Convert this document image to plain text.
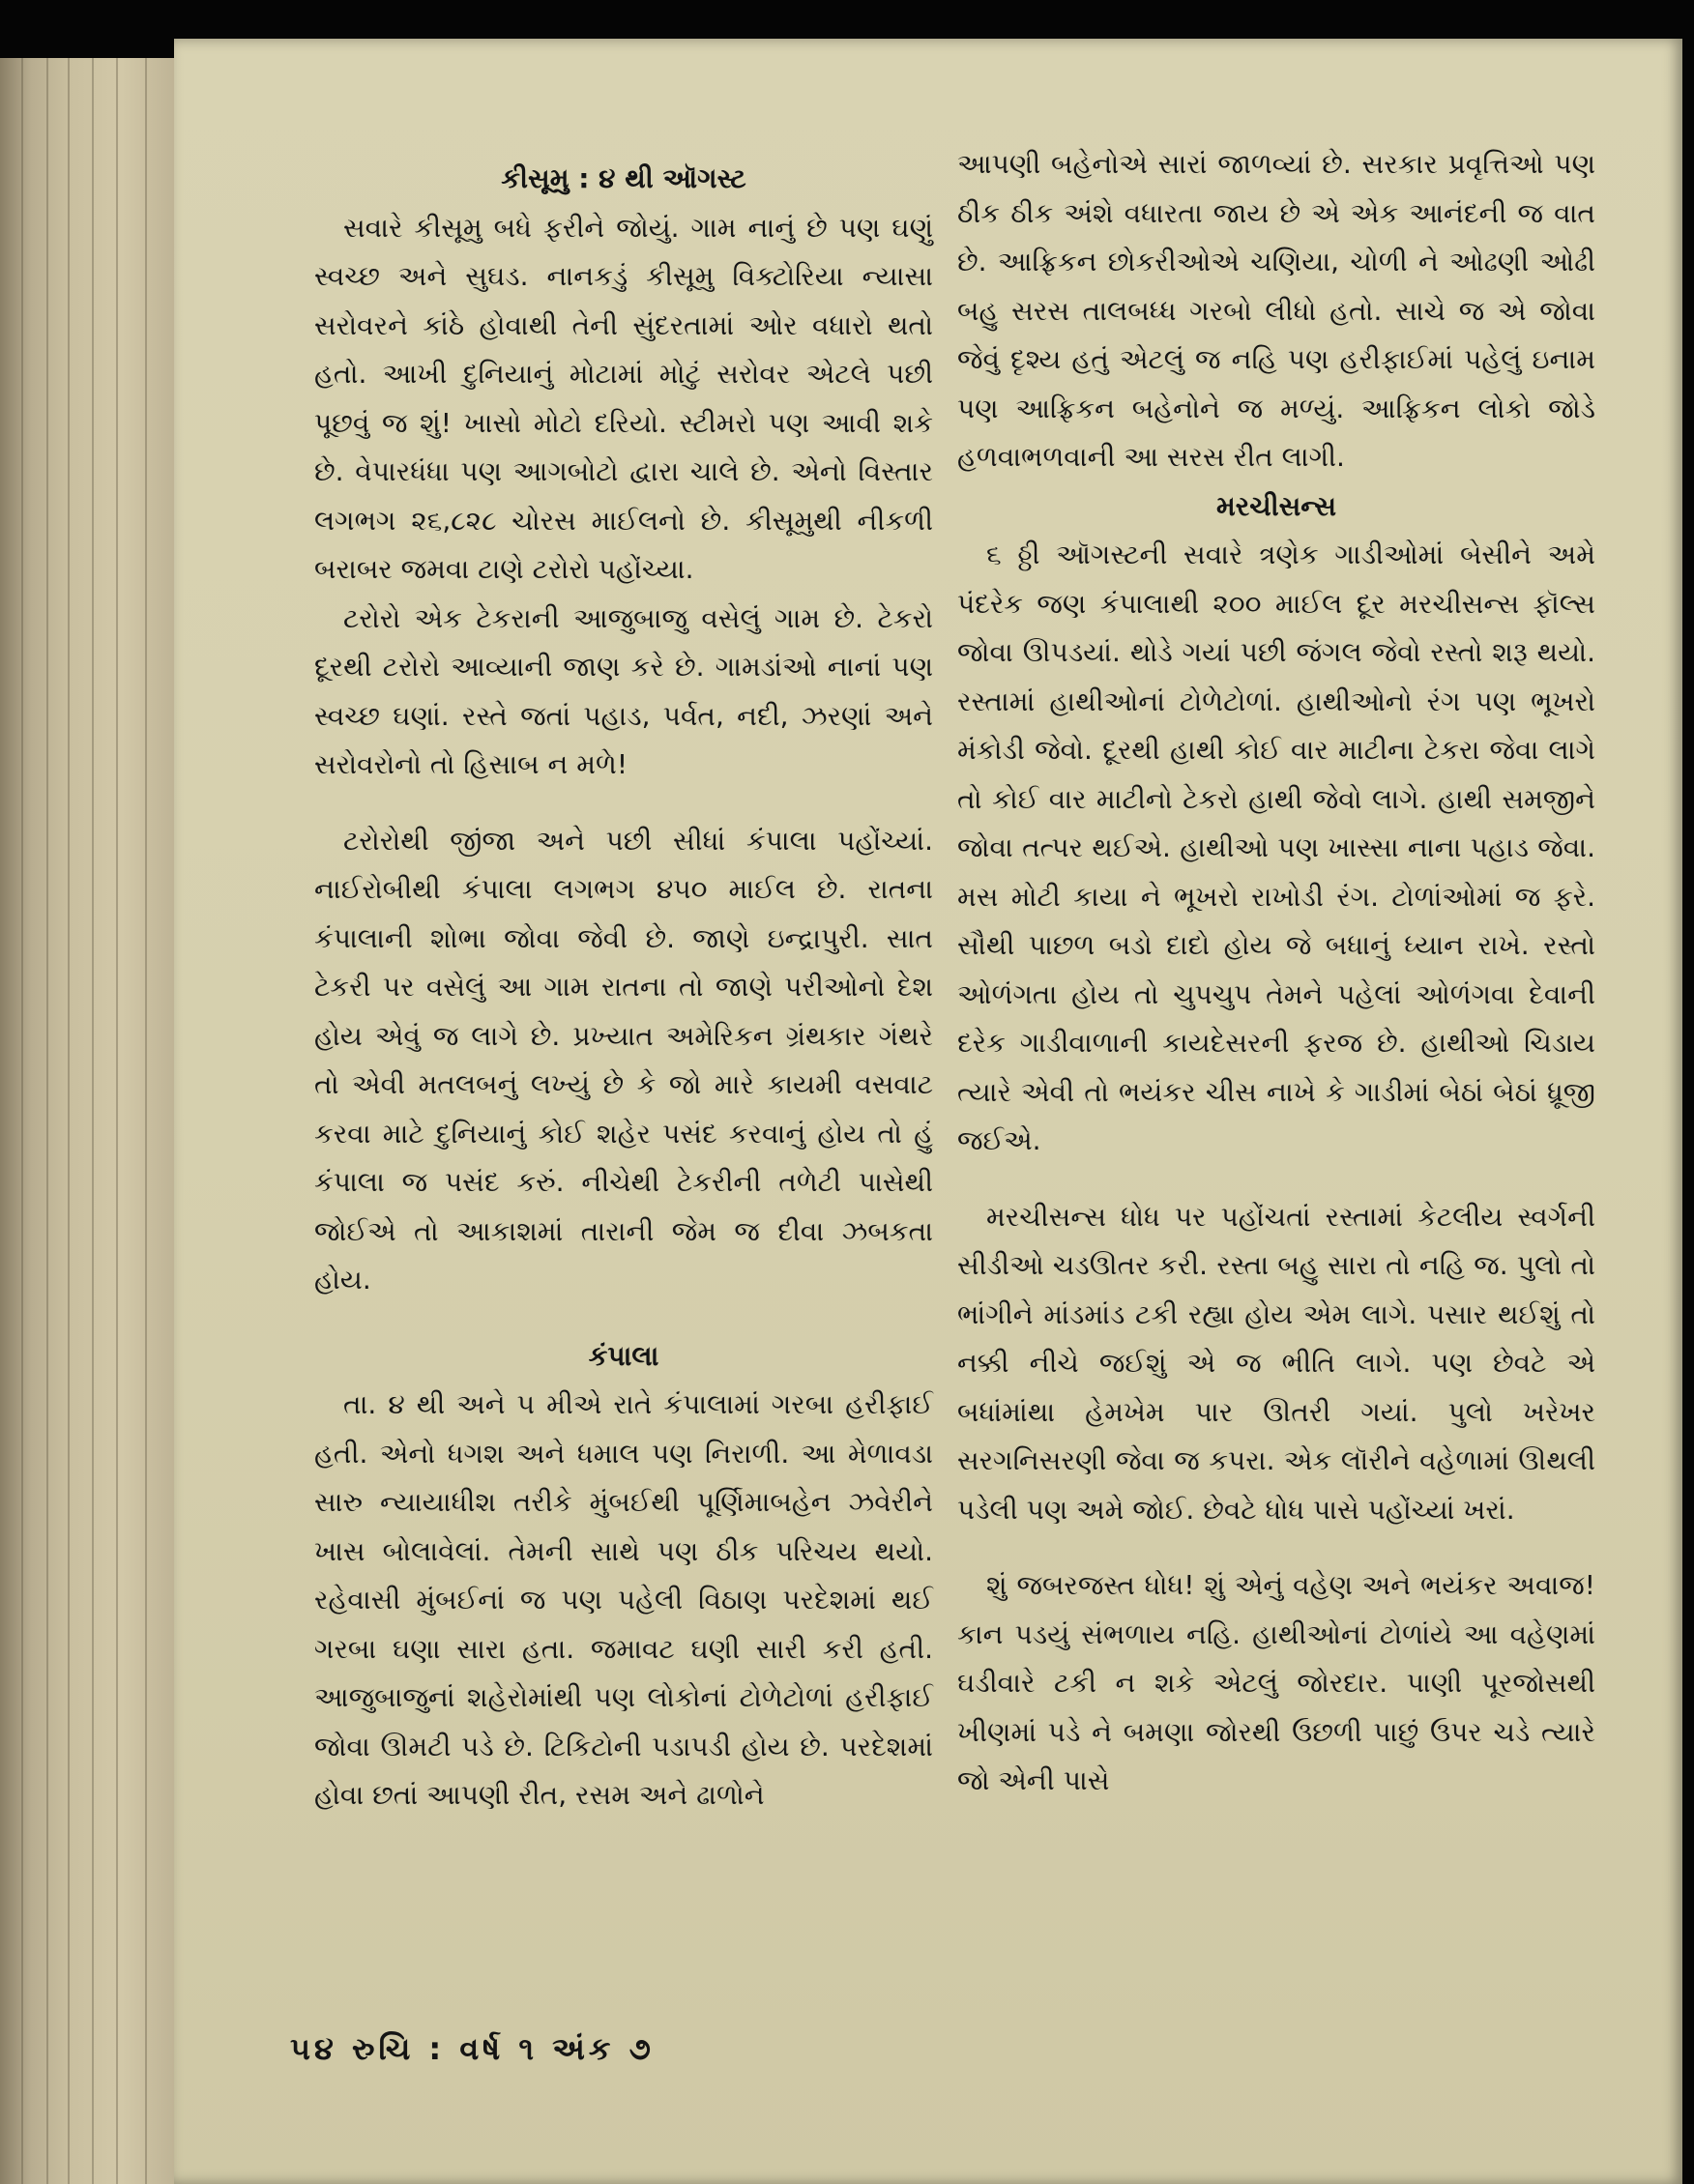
કીસૂમુ : ૪ થી ઑગસ્ટ

સવારે કીસૂમુ બધે ફરીને જોયું. ગામ નાનું છે પણ ઘણું સ્વચ્છ અને સુઘડ. નાનકડું કીસૂમુ વિક્ટોરિયા ન્યાસા સરોવરને કાંઠે હોવાથી તેની સુંદરતામાં ઓર વધારો થતો હતો. આખી દુનિયાનું મોટામાં મોટું સરોવર એટલે પછી પૂછવું જ શું! ખાસો મોટો દરિયો. સ્ટીમરો પણ આવી શકે છે. વેપારધંધા પણ આગબોટો દ્વારા ચાલે છે. એનો વિસ્તાર લગભગ ૨૬,૮૨૮ ચોરસ માઈલનો છે. કીસૂમુથી નીકળી બરાબર જમવા ટાણે ટરોરો પહોંચ્યા.

ટરોરો એક ટેકરાની આજુબાજુ વસેલું ગામ છે. ટેકરો દૂરથી ટરોરો આવ્યાની જાણ કરે છે. ગામડાંઓ નાનાં પણ સ્વચ્છ ઘણાં. રસ્તે જતાં પહાડ, પર્વત, નદી, ઝરણાં અને સરોવરોનો તો હિસાબ ન મળે!

ટરોરોથી જીંજા અને પછી સીધાં કંપાલા પહોંચ્યાં. નાઈરોબીથી કંપાલા લગભગ ૪૫૦ માઈલ છે. રાતના કંપાલાની શોભા જોવા જેવી છે. જાણે ઇન્દ્રાપુરી. સાત ટેકરી પર વસેલું આ ગામ રાતના તો જાણે પરીઓનો દેશ હોય એવું જ લાગે છે. પ્રખ્યાત અમેરિકન ગ્રંથકાર ગંથરે તો એવી મતલબનું લખ્યું છે કે જો મારે કાયમી વસવાટ કરવા માટે દુનિયાનું કોઈ શહેર પસંદ કરવાનું હોય તો હું કંપાલા જ પસંદ કરું. નીચેથી ટેકરીની તળેટી પાસેથી જોઈએ તો આકાશમાં તારાની જેમ જ દીવા ઝબકતા હોય.

કંપાલા

તા. ૪ થી અને ૫ મીએ રાતે કંપાલામાં ગરબા હરીફાઈ હતી. એનો ધગશ અને ધમાલ પણ નિરાળી. આ મેળાવડા સારુ ન્યાયાધીશ તરીકે મુંબઈથી પૂર્ણિમાબહેન ઝવેરીને ખાસ બોલાવેલાં. તેમની સાથે પણ ઠીક પરિચય થયો. રહેવાસી મુંબઈનાં જ પણ પહેલી વિઠાણ પરદેશમાં થઈ ગરબા ઘણા સારા હતા. જમાવટ ઘણી સારી કરી હતી. આજુબાજુનાં શહેરોમાંથી પણ લોકોનાં ટોળેટોળાં હરીફાઈ જોવા ઊમટી પડે છે. ટિકિટોની પડાપડી હોય છે. પરદેશમાં હોવા છતાં આપણી રીત, રસમ અને ઢાળોને

આપણી બહેનોએ સારાં જાળવ્યાં છે. સરકાર પ્રવૃત્તિઓ પણ ઠીક ઠીક અંશે વધારતા જાય છે એ એક આનંદની જ વાત છે. આફ્રિકન છોકરીઓએ ચણિયા, ચોળી ને ઓઢણી ઓઢી બહુ સરસ તાલબધ્ધ ગરબો લીધો હતો. સાચે જ એ જોવા જેવું દૃશ્ય હતું એટલું જ નહિ પણ હરીફાઈમાં પહેલું ઇનામ પણ આફ્રિકન બહેનોને જ મળ્યું. આફ્રિકન લોકો જોડે હળવાભળવાની આ સરસ રીત લાગી.

મરચીસન્સ

૬ ઠ્ઠી ઑગસ્ટની સવારે ત્રણેક ગાડીઓમાં બેસીને અમે પંદરેક જણ કંપાલાથી ૨૦૦ માઈલ દૂર મરચીસન્સ ફૉલ્સ જોવા ઊપડયાં. થોડે ગયાં પછી જંગલ જેવો રસ્તો શરૂ થયો. રસ્તામાં હાથીઓનાં ટોળેટોળાં. હાથીઓનો રંગ પણ ભૂખરો મંકોડી જેવો. દૂરથી હાથી કોઈ વાર માટીના ટેકરા જેવા લાગે તો કોઈ વાર માટીનો ટેકરો હાથી જેવો લાગે. હાથી સમજીને જોવા તત્પર થઈએ. હાથીઓ પણ ખાસ્સા નાના પહાડ જેવા. મસ મોટી કાયા ને ભૂખરો રાખોડી રંગ. ટોળાંઓમાં જ ફરે. સૌથી પાછળ બડો દાદો હોય જે બધાનું ધ્યાન રાખે. રસ્તો ઓળંગતા હોય તો ચુપચુપ તેમને પહેલાં ઓળંગવા દેવાની દરેક ગાડીવાળાની કાયદેસરની ફરજ છે. હાથીઓ ચિડાય ત્યારે એવી તો ભયંકર ચીસ નાખે કે ગાડીમાં બેઠાં બેઠાં ધ્રૂજી જઈએ.

મરચીસન્સ ધોધ પર પહોંચતાં રસ્તામાં કેટલીય સ્વર્ગની સીડીઓ ચડઊતર કરી. રસ્તા બહુ સારા તો નહિ જ. પુલો તો ભાંગીને માંડમાંડ ટકી રહ્યા હોય એમ લાગે. પસાર થઈશું તો નક્કી નીચે જઈશું એ જ ભીતિ લાગે. પણ છેવટે એ બધાંમાંથા હેમખેમ પાર ઊતરી ગયાં. પુલો ખરેખર સરગનિસરણી જેવા જ કપરા. એક લૉરીને વહેળામાં ઊથલી પડેલી પણ અમે જોઈ. છેવટે ધોધ પાસે પહોંચ્યાં ખરાં.

શું જબરજસ્ત ધોધ! શું એનું વહેણ અને ભયંકર અવાજ! કાન પડયું સંભળાય નહિ. હાથીઓનાં ટોળાંયે આ વહેણમાં ઘડીવારે ટકી ન શકે એટલું જોરદાર. પાણી પૂરજોસથી ખીણમાં પડે ને બમણા જોરથી ઉછળી પાછું ઉપર ચડે ત્યારે જો એની પાસે

૫૪ રુચિ : વર્ષ ૧ અંક ૭
